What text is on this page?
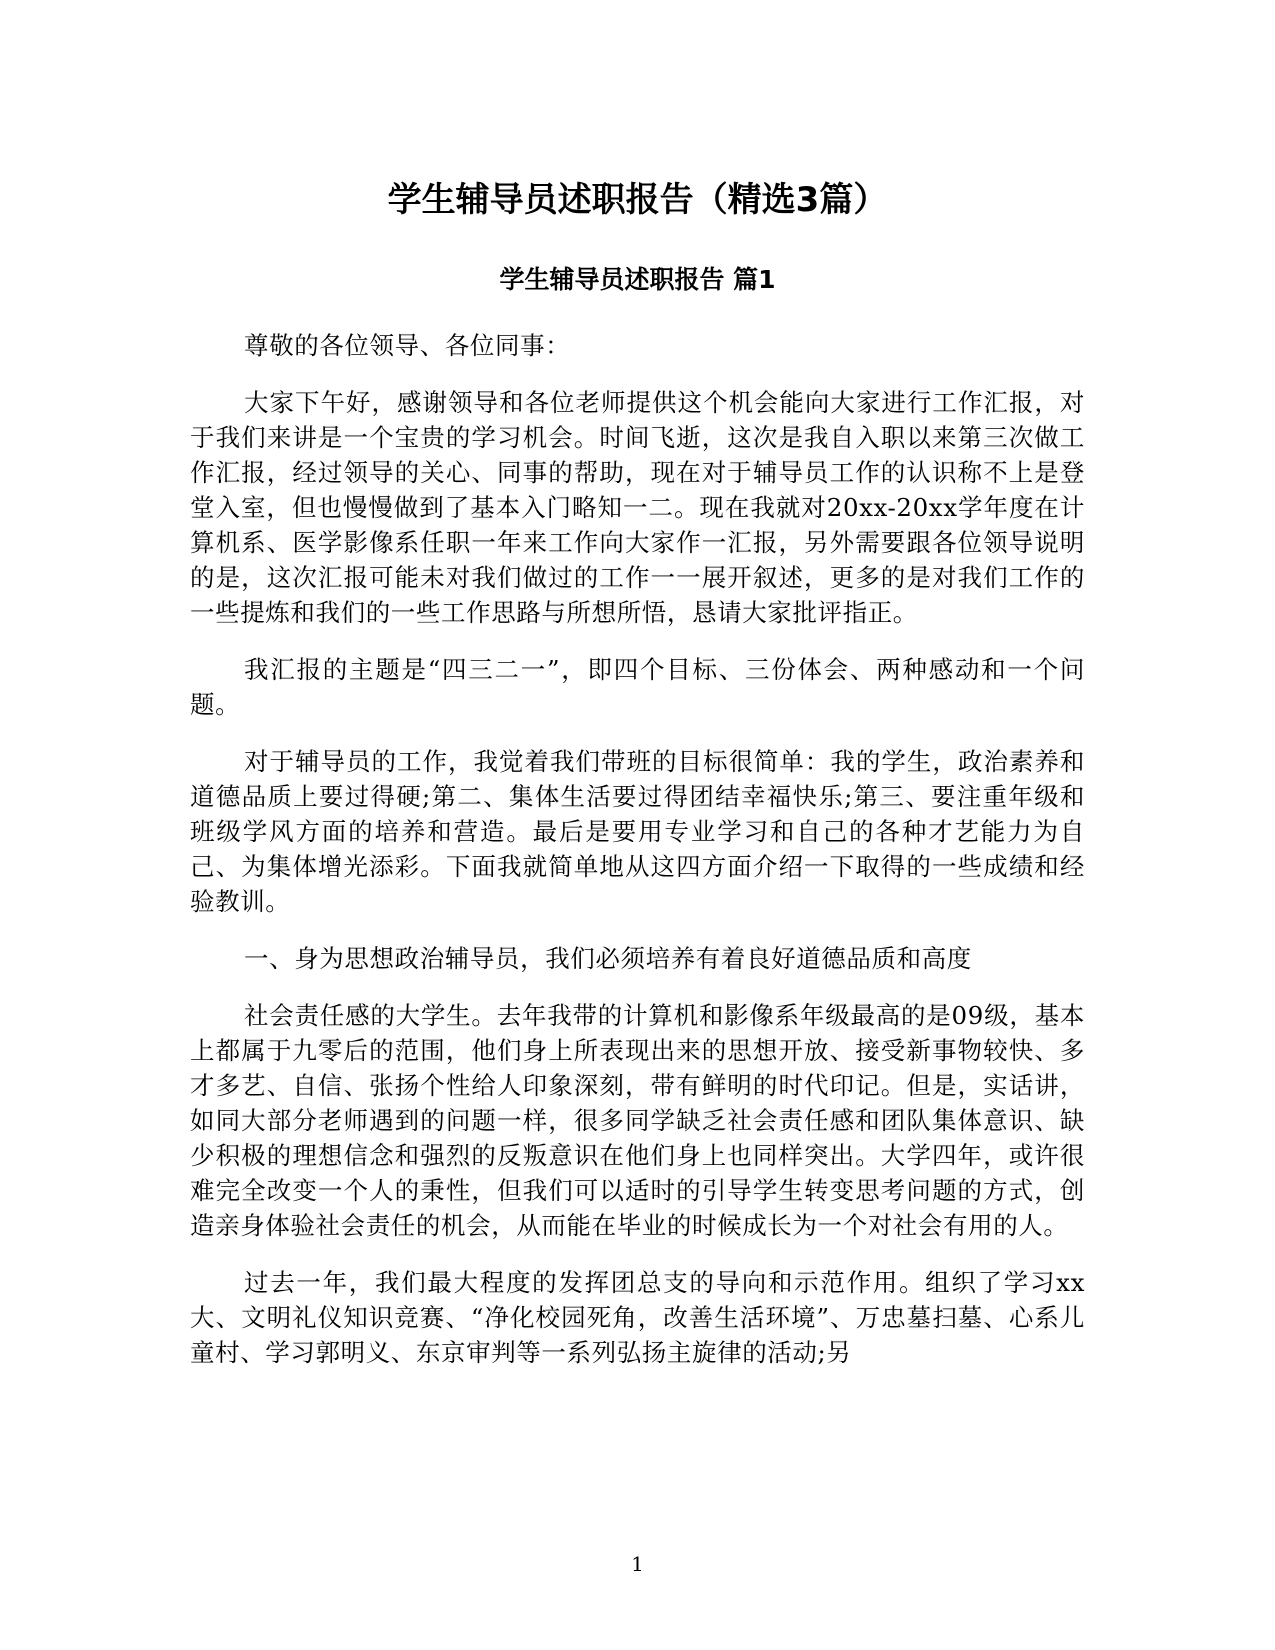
学生辅导员述职报告（精选3篇）
学生辅导员述职报告 篇1

尊敬的各位领导、各位同事：

大家下午好，感谢领导和各位老师提供这个机会能向大家进行工作汇报，对于我们来讲是一个宝贵的学习机会。时间飞逝，这次是我自入职以来第三次做工作汇报，经过领导的关心、同事的帮助，现在对于辅导员工作的认识称不上是登堂入室，但也慢慢做到了基本入门略知一二。现在我就对20xx-20xx学年度在计算机系、医学影像系任职一年来工作向大家作一汇报，另外需要跟各位领导说明的是，这次汇报可能未对我们做过的工作一一展开叙述，更多的是对我们工作的一些提炼和我们的一些工作思路与所想所悟，恳请大家批评指正。

我汇报的主题是“四三二一”，即四个目标、三份体会、两种感动和一个问题。

对于辅导员的工作，我觉着我们带班的目标很简单：我的学生，政治素养和道德品质上要过得硬;第二、集体生活要过得团结幸福快乐;第三、要注重年级和班级学风方面的培养和营造。最后是要用专业学习和自己的各种才艺能力为自己、为集体增光添彩。下面我就简单地从这四方面介绍一下取得的一些成绩和经验教训。

一、身为思想政治辅导员，我们必须培养有着良好道德品质和高度

社会责任感的大学生。去年我带的计算机和影像系年级最高的是09级，基本上都属于九零后的范围，他们身上所表现出来的思想开放、接受新事物较快、多才多艺、自信、张扬个性给人印象深刻，带有鲜明的时代印记。但是，实话讲，如同大部分老师遇到的问题一样，很多同学缺乏社会责任感和团队集体意识、缺少积极的理想信念和强烈的反叛意识在他们身上也同样突出。大学四年，或许很难完全改变一个人的秉性，但我们可以适时的引导学生转变思考问题的方式，创造亲身体验社会责任的机会，从而能在毕业的时候成长为一个对社会有用的人。

过去一年，我们最大程度的发挥团总支的导向和示范作用。组织了学习xx大、文明礼仪知识竞赛、“净化校园死角，改善生活环境”、万忠墓扫墓、心系儿童村、学习郭明义、东京审判等一系列弘扬主旋律的活动;另

1
